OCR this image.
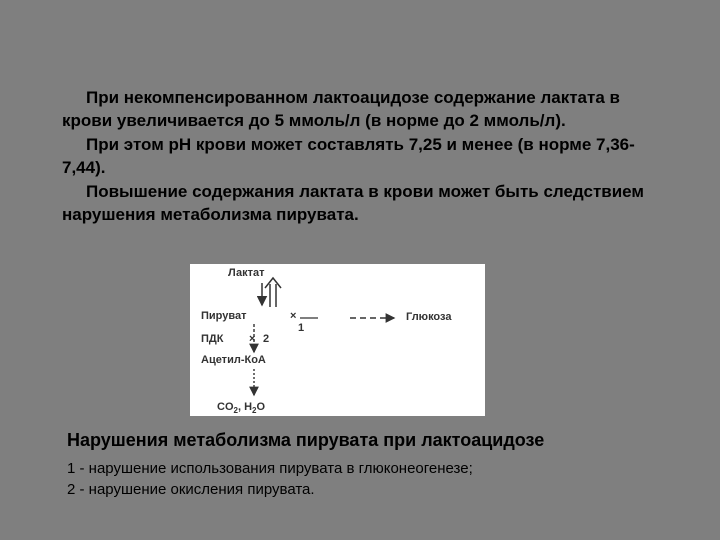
При некомпенсированном лактоацидозе содержание лактата в крови увеличивается до 5 ммоль/л (в норме до 2 ммоль/л).

При этом pH крови может составлять 7,25 и менее (в норме 7,36-7,44).

Повышение содержания лактата в крови может быть следствием нарушения метаболизма пирувата.

Лактат
Пируват	×
1
Глюкоза
ПДК × 2
Ацетил-КоА
$CO_2$, $H_2O$
Нарушения метаболизма пирувата при лактоацидозе
1 - нарушение использования пирувата в глюконеогенезе;
2 - нарушение окисления пирувата.
